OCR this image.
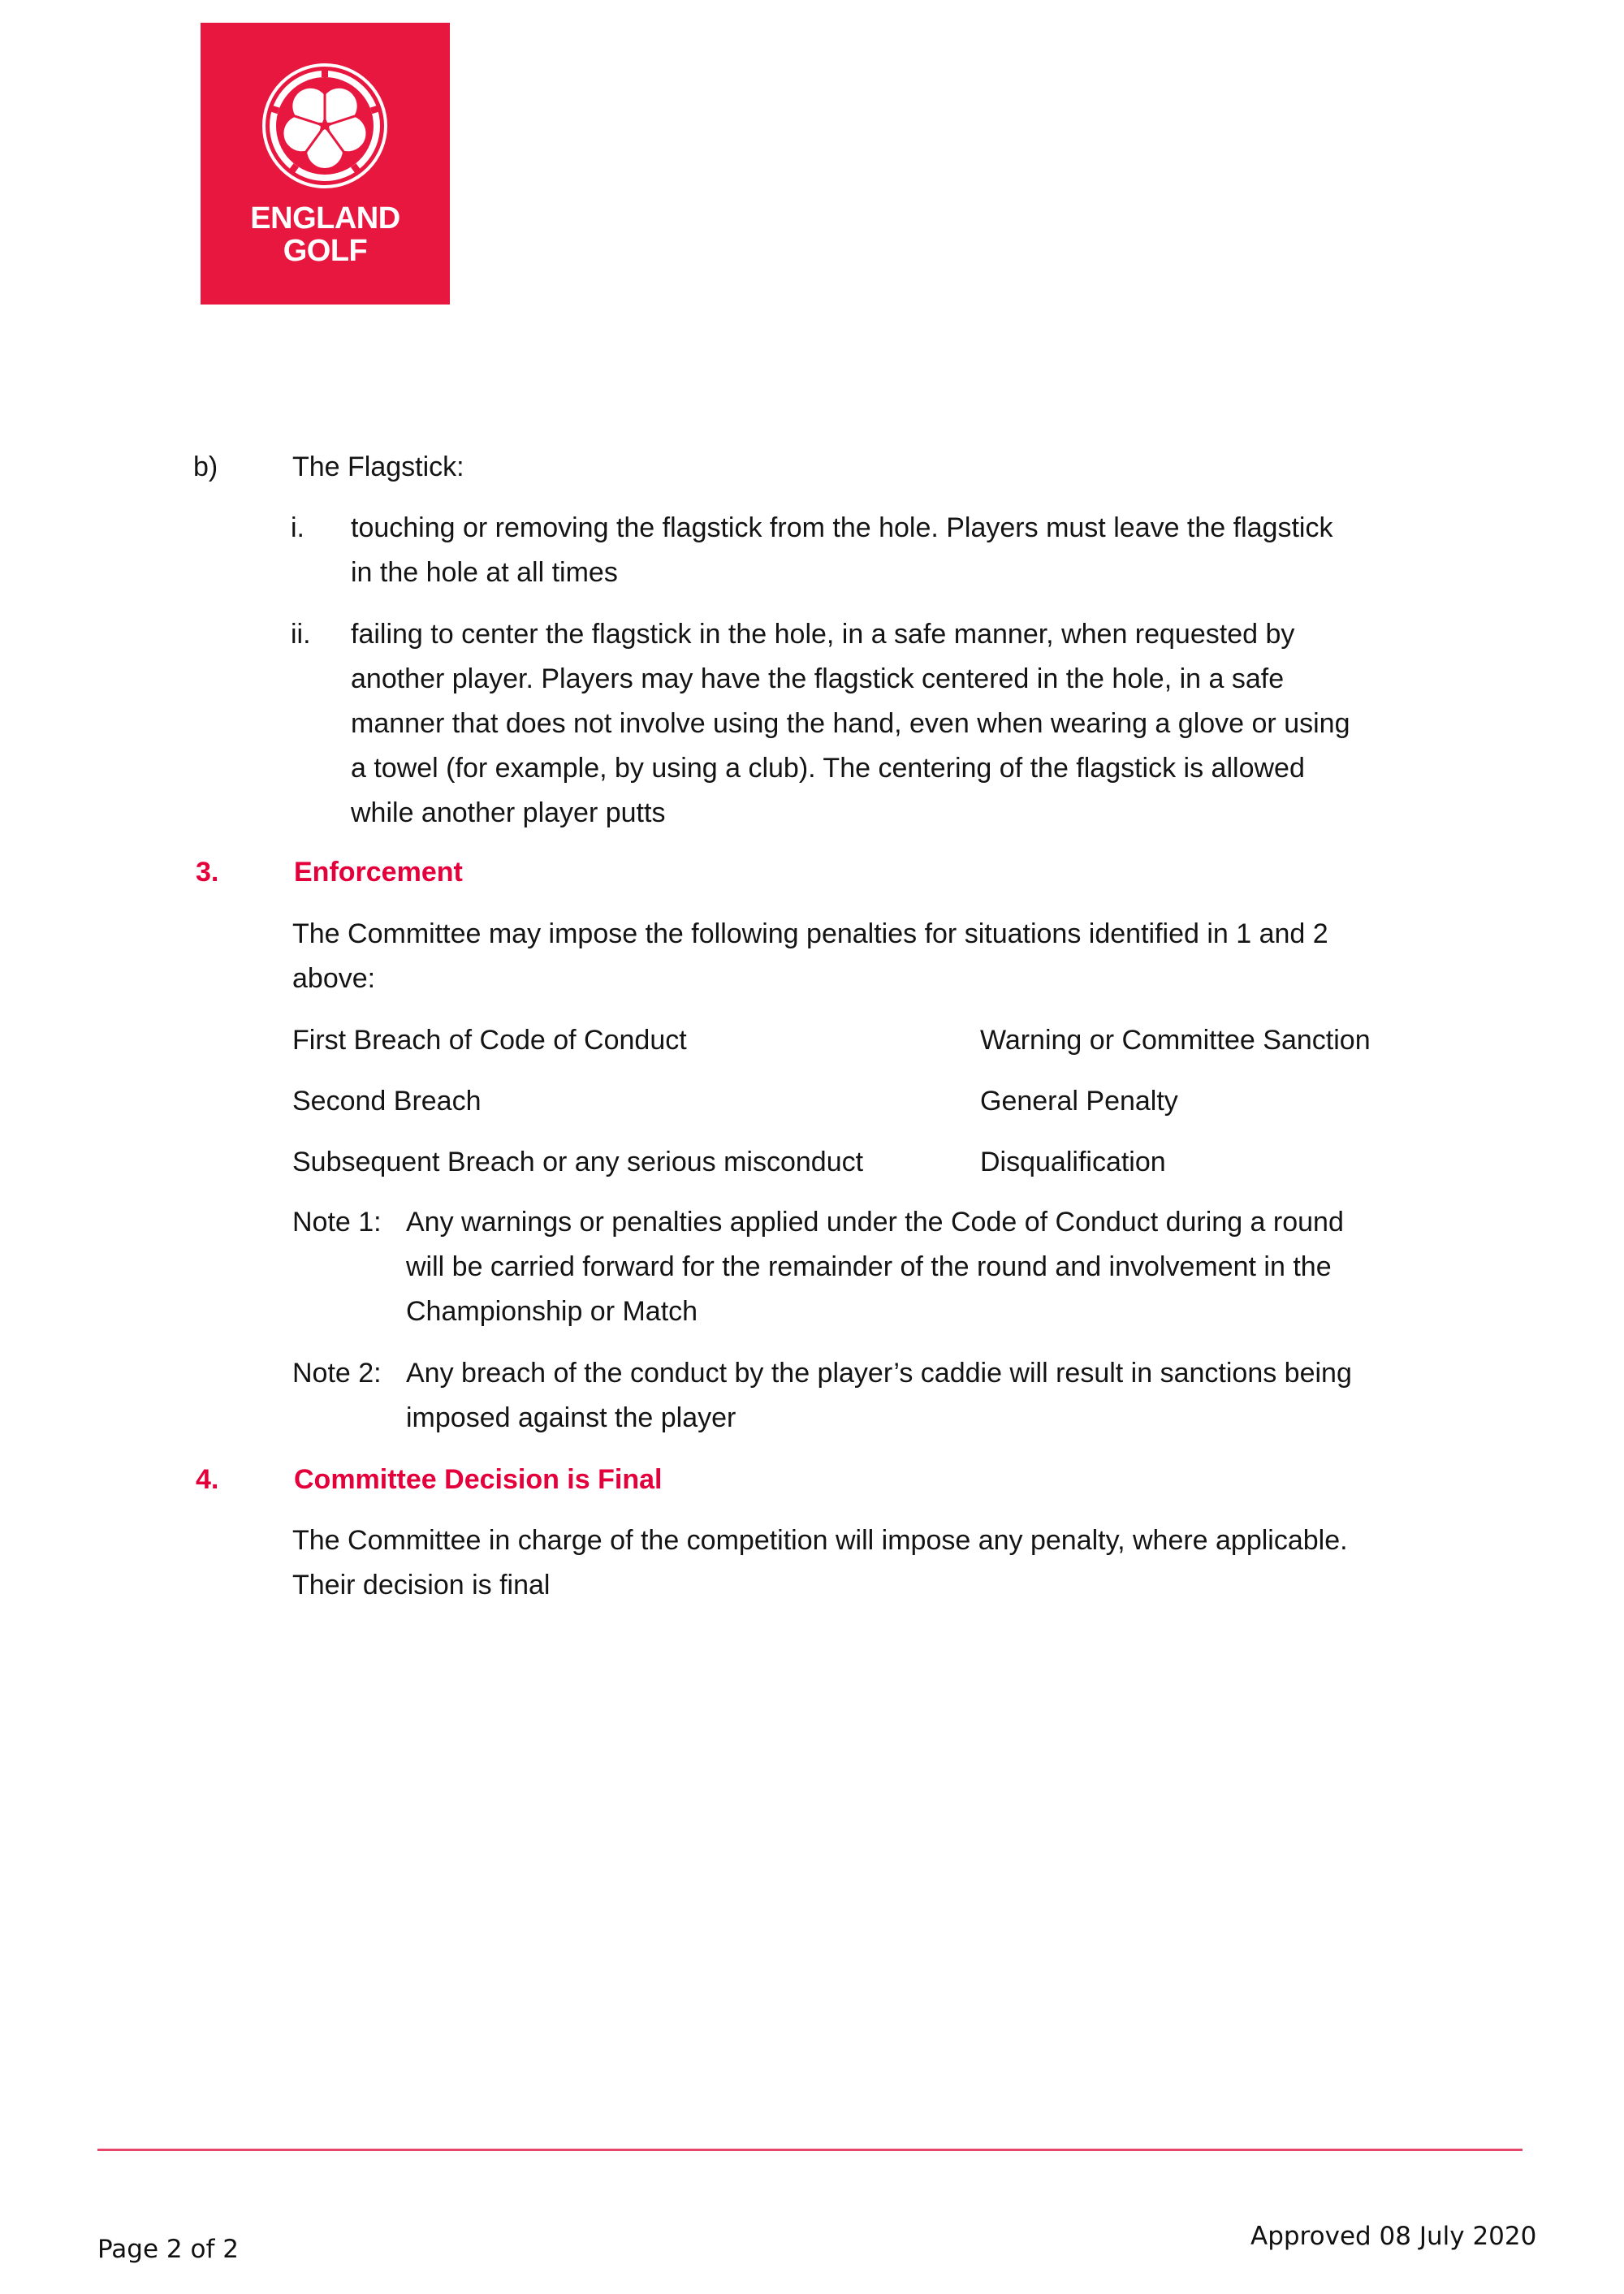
ENGLAND
GOLF
b)	The Flagstick:
i. touching or removing the flagstick from the hole. Players must leave the flagstick
in the hole at all times
ii. failing to center the flagstick in the hole, in a safe manner, when requested by
another player. Players may have the flagstick centered in the hole, in a safe
manner that does not involve using the hand, even when wearing a glove or using
a towel (for example, by using a club). The centering of the flagstick is allowed
while another player putts
3.	Enforcement
The Committee may impose the following penalties for situations identified in 1 and 2
above:
First Breach of Code of Conduct	Warning or Committee Sanction
Second Breach	General Penalty
Subsequent Breach or any serious misconduct	Disqualification
Note 1: Any warnings or penalties applied under the Code of Conduct during a round
will be carried forward for the remainder of the round and involvement in the
Championship or Match
Note 2: Any breach of the conduct by the player’s caddie will result in sanctions being
imposed against the player
4.	Committee Decision is Final
The Committee in charge of the competition will impose any penalty, where applicable.
Their decision is final
Page 2 of 2	Approved 08 July 2020
